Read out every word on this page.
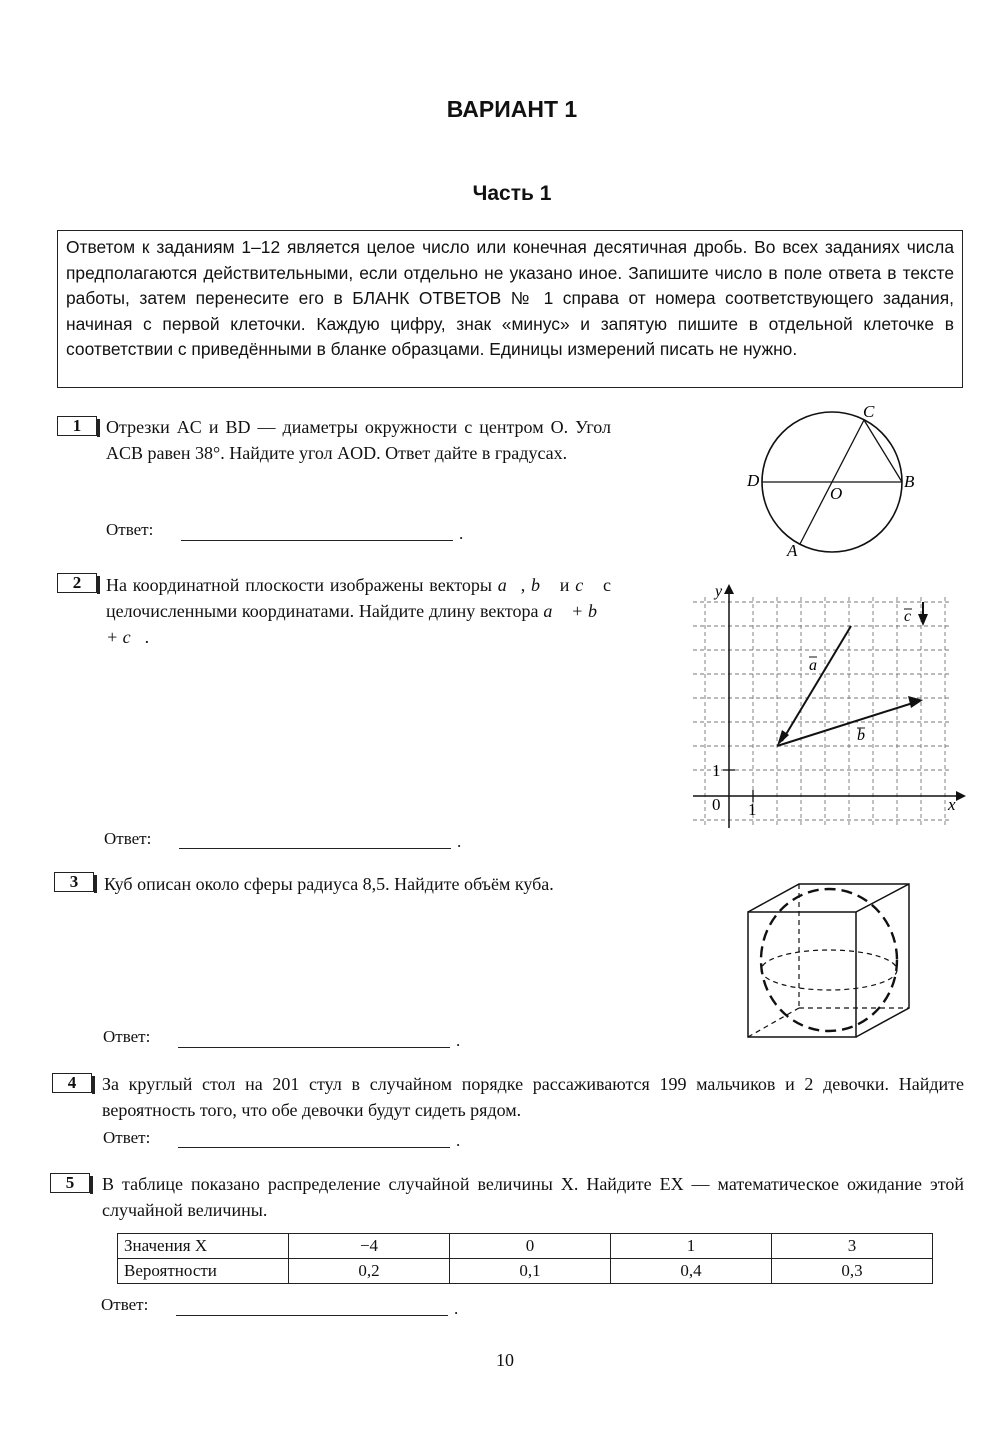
ВАРИАНТ 1
Часть 1
Ответом к заданиям 1–12 является целое число или конечная десятичная дробь. Во всех заданиях числа предполагаются действительными, если отдельно не указано иное. Запишите число в поле ответа в тексте работы, затем перенесите его в БЛАНК ОТВЕТОВ № 1 справа от номера соответствующего задания, начиная с первой клеточки. Каждую цифру, знак «минус» и запятую пишите в отдельной клеточке в соответствии с приведёнными в бланке образцами. Единицы измерений писать не нужно.
1	Отрезки AC и BD — диаметры окружности с центром O. Угол ACB равен 38°. Найдите угол AOD. Ответ дайте в градусах.
Ответ:	.
C
D
O
B
A
2	На координатной плоскости изображены векторы a⃗, b⃗ и c⃗ с целочисленными координатами. Найдите длину вектора a⃗ + b⃗ + c⃗.
Ответ:	.
y
x
0 1
1
a
b
c
3	Куб описан около сферы радиуса 8,5. Найдите объём куба.
Ответ:	.
4	За круглый стол на 201 стул в случайном порядке рассаживаются 199 мальчиков и 2 девочки. Найдите вероятность того, что обе девочки будут сидеть рядом.
Ответ:	.
5	В таблице показано распределение случайной величины X. Найдите EX — математическое ожидание этой случайной величины.
Значения X	−4	0	1	3
Вероятности	0,2	0,1	0,4	0,3
Ответ:	.
10
